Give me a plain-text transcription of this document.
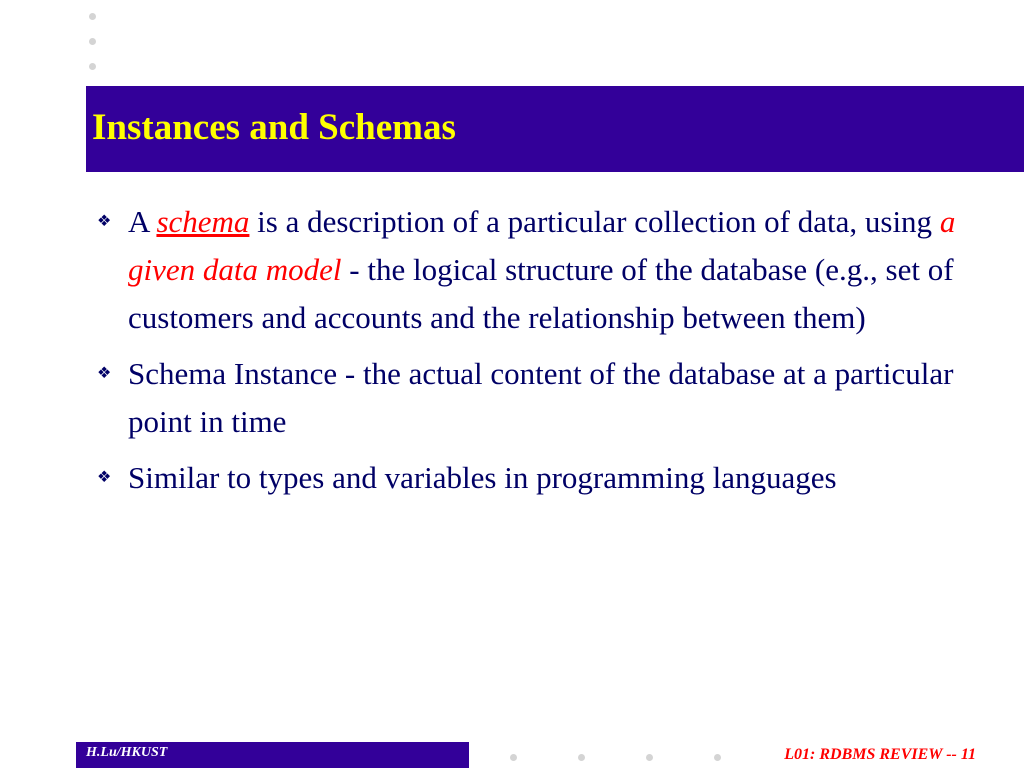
Instances and Schemas
❖ A schema is a description of a particular collection of data, using a given data model - the logical structure of the database (e.g., set of customers and accounts and the relationship between them)
❖ Schema Instance - the actual content of the database at a particular point in time
❖ Similar to types and variables in programming languages
H.Lu/HKUST	L01: RDBMS REVIEW -- 11
